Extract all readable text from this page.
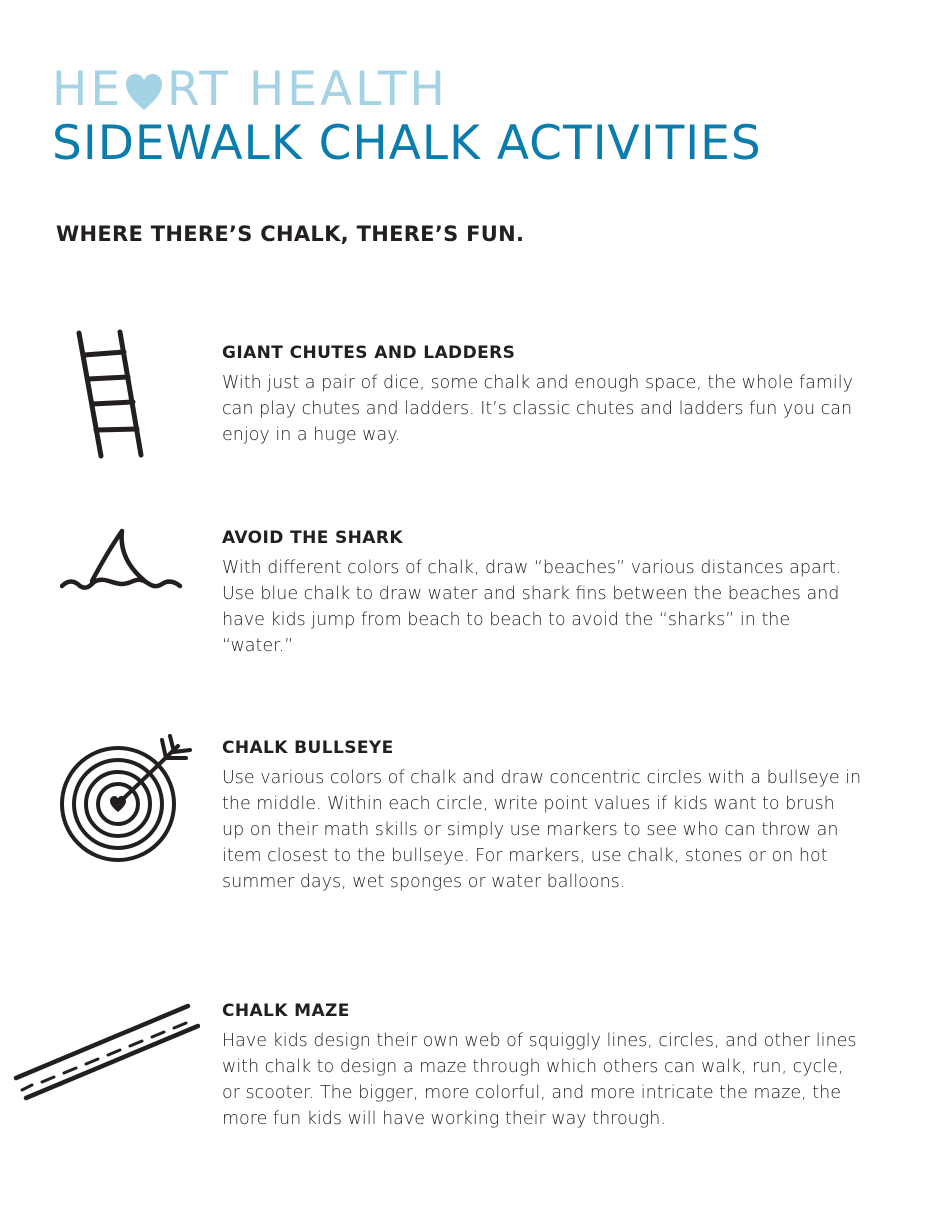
HE RT HEALTH
SIDEWALK CHALK ACTIVITIES
WHERE THERE’S CHALK, THERE’S FUN.
GIANT CHUTES AND LADDERS

With just a pair of dice, some chalk and enough space, the whole family can play chutes and ladders. It’s classic chutes and ladders fun you can enjoy in a huge way.

AVOID THE SHARK

With different colors of chalk, draw “beaches” various distances apart. Use blue chalk to draw water and shark fins between the beaches and have kids jump from beach to beach to avoid the “sharks” in the “water.”

CHALK BULLSEYE

Use various colors of chalk and draw concentric circles with a bullseye in the middle. Within each circle, write point values if kids want to brush up on their math skills or simply use markers to see who can throw an item closest to the bullseye. For markers, use chalk, stones or on hot summer days, wet sponges or water balloons.

CHALK MAZE

Have kids design their own web of squiggly lines, circles, and other lines with chalk to design a maze through which others can walk, run, cycle, or scooter. The bigger, more colorful, and more intricate the maze, the more fun kids will have working their way through.
